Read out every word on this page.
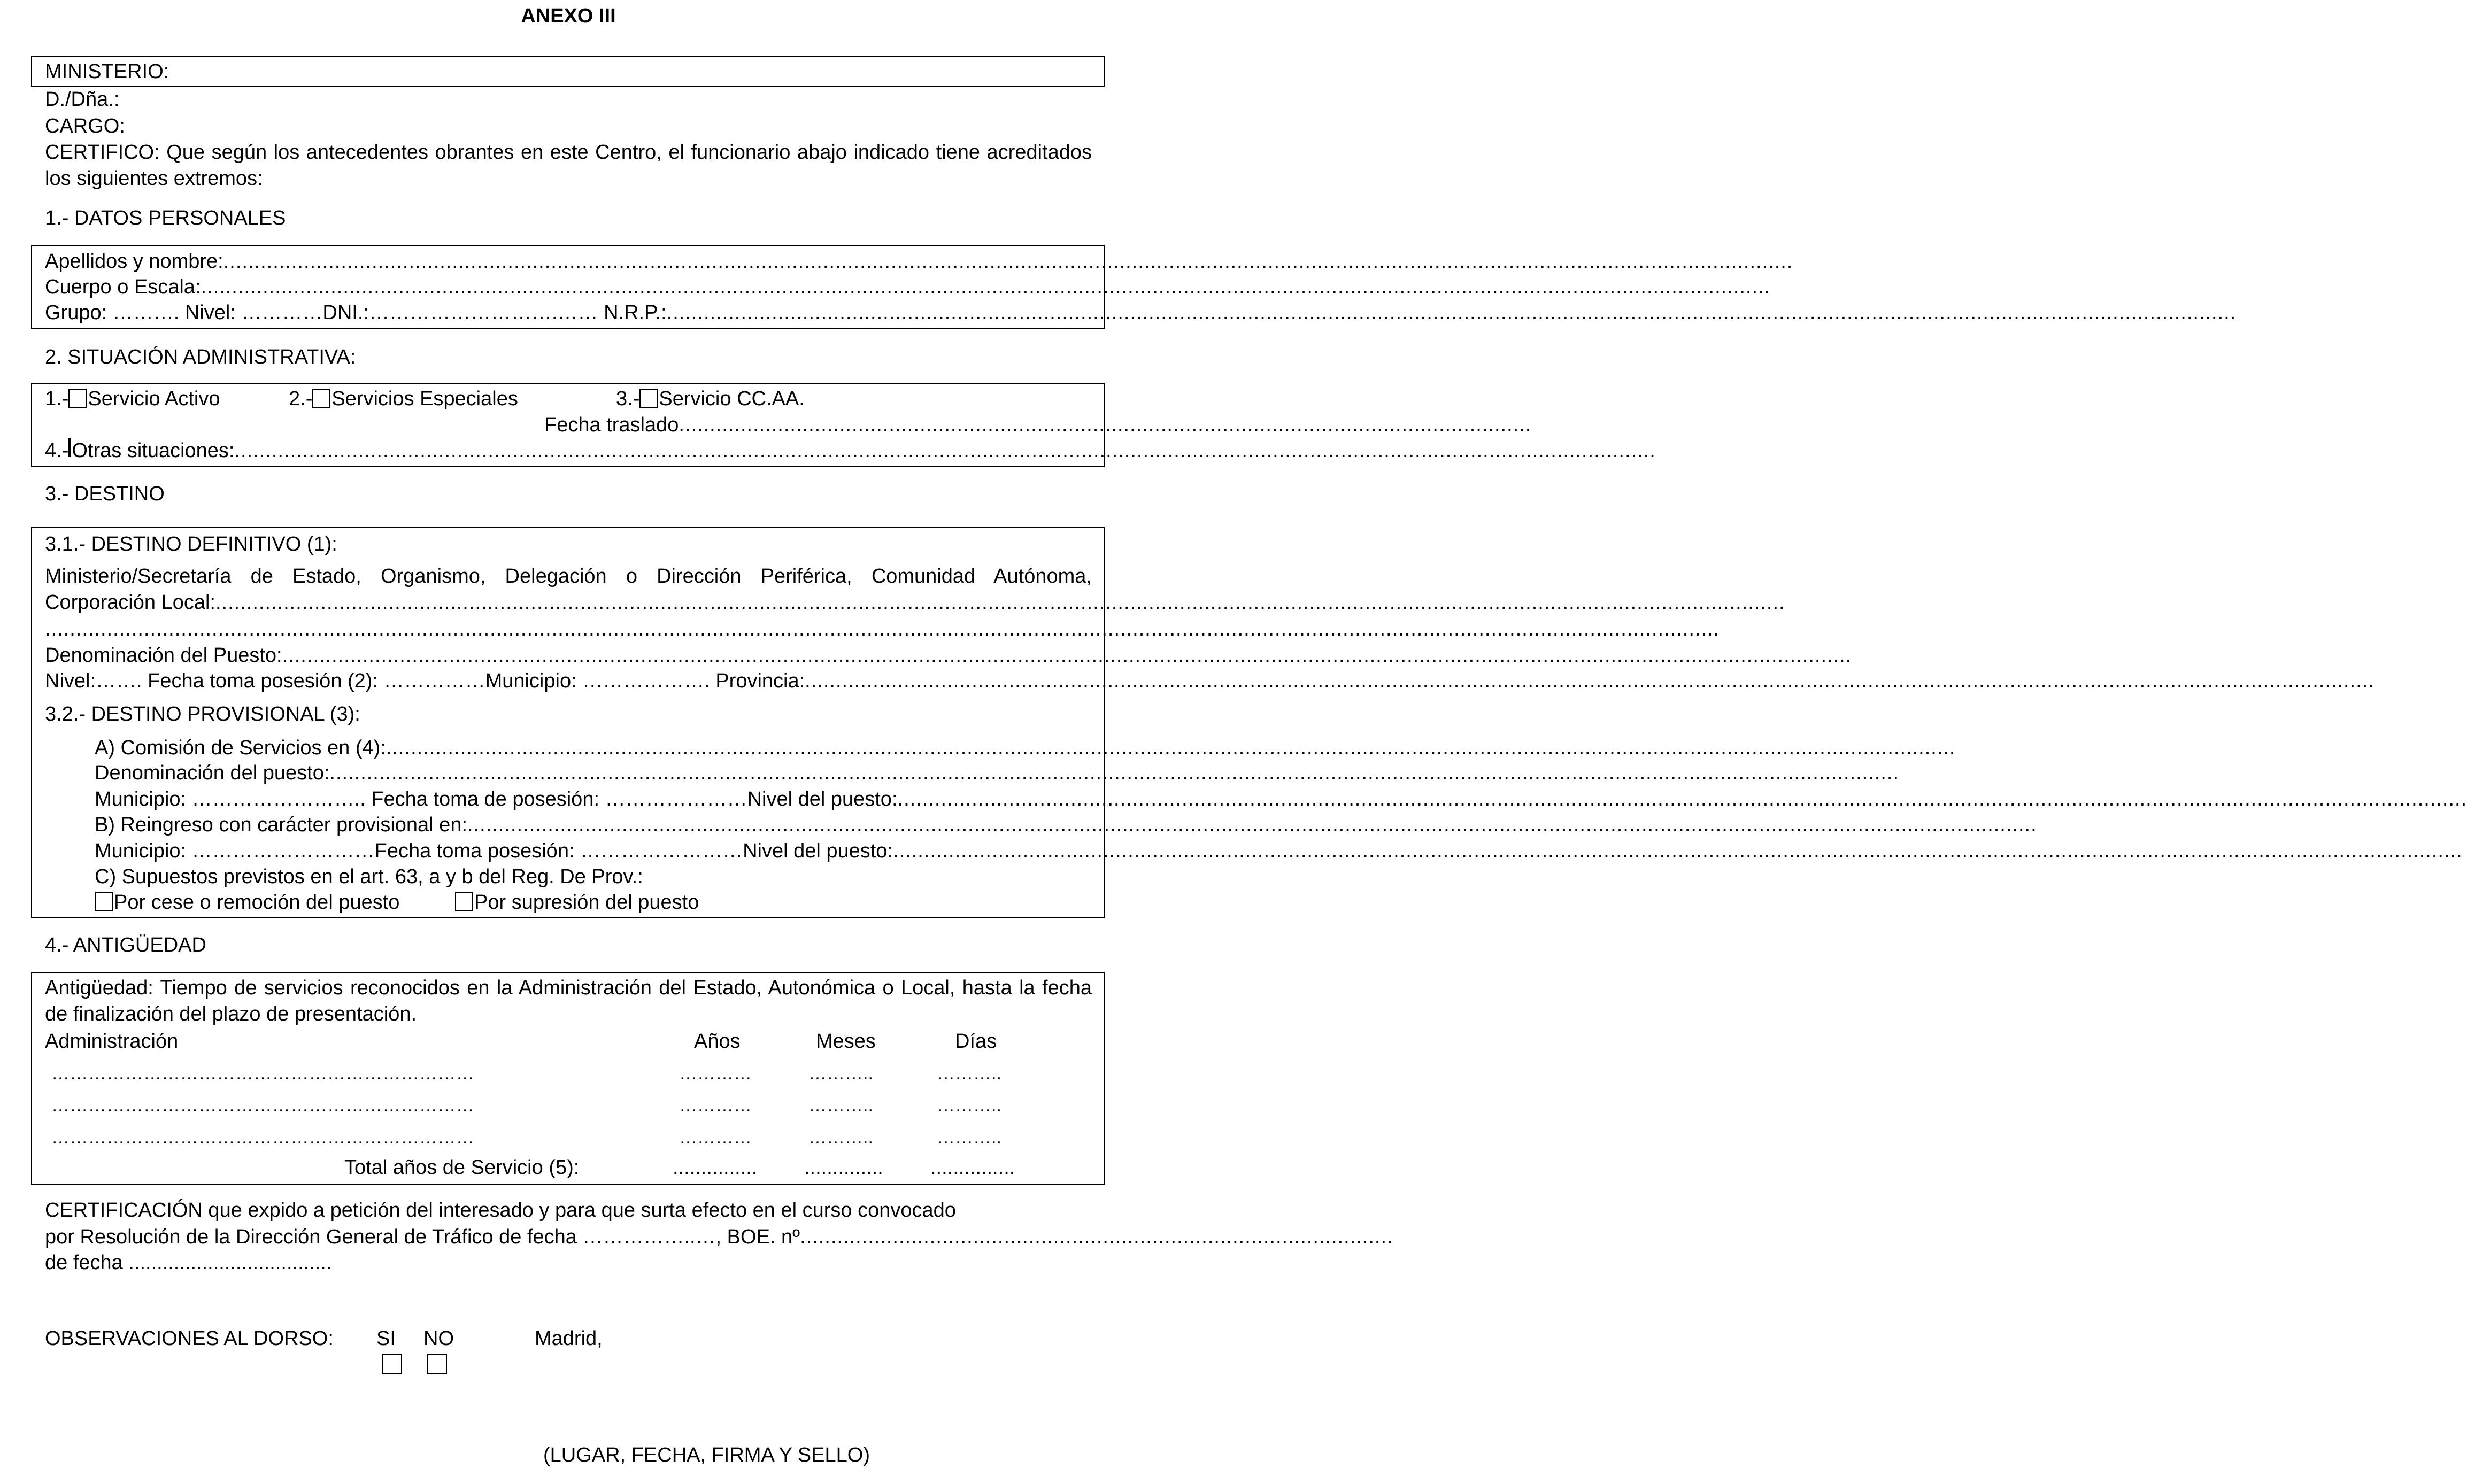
ANEXO III
MINISTERIO:
D./Dña.:
CARGO:
CERTIFICO: Que según los antecedentes obrantes en este Centro, el funcionario abajo indicado tiene acreditados los siguientes extremos:
1.- DATOS PERSONALES
Apellidos y nombre: ..............................................................................................................................................................................................................................................................
Cuerpo o Escala: ..............................................................................................................................................................................................................................................................
Grupo: ………. Nivel: …………DNI.:……………………….…… N.R.P.: ..............................................................................................................................................................................................................................................................
2. SITUACIÓN ADMINISTRATIVA:
1.- Servicio Activo	2.- Servicios Especiales	3.- Servicio CC.AA.
Fecha traslado ..........................................................................................................................................
4.- Otras situaciones: ......................................................................................................................................................................................................................................
3.- DESTINO
3.1.- DESTINO DEFINITIVO (1):
Ministerio/Secretaría de Estado, Organismo, Delegación o Dirección Periférica, Comunidad Autónoma,
Corporación Local: ..............................................................................................................................................................................................................................................................
...............................................................................................................................................................................................................................................................................
Denominación del Puesto: ..............................................................................................................................................................................................................................................................
Nivel:……. Fecha toma posesión (2): ……………Municipio: ………………. Provincia: ..............................................................................................................................................................................................................................................................
3.2.- DESTINO PROVISIONAL (3):
A) Comisión de Servicios en (4): ..............................................................................................................................................................................................................................................................
Denominación del puesto: ..............................................................................................................................................................................................................................................................
Municipio: …………………….. Fecha toma de posesión: …………………Nivel del puesto: ..............................................................................................................................................................................................................................................................
B) Reingreso con carácter provisional en: ..............................................................................................................................................................................................................................................................
Municipio: ………………………Fecha toma posesión: ……………………Nivel del puesto: ..............................................................................................................................................................................................................................................................
C) Supuestos previstos en el art. 63, a y b del Reg. De Prov.:
Por cese o remoción del puesto	Por supresión del puesto
4.- ANTIGÜEDAD
Antigüedad: Tiempo de servicios reconocidos en la Administración del Estado, Autonómica o Local, hasta la fecha de finalización del plazo de presentación.
Administración	Años	Meses	Días
……………………………………………………………	…………	………..	………..
……………………………………………………………	…………	………..	………..
……………………………………………………………	…………	………..	………..
Total años de Servicio (5):	............... .............. ...............
CERTIFICACIÓN que expido a petición del interesado y para que surta efecto en el curso convocado
por Resolución de la Dirección General de Tráfico de fecha ……………..…, BOE. nº ................................................................................................
de fecha ....................................
OBSERVACIONES AL DORSO: SI NO	Madrid,
(LUGAR, FECHA, FIRMA Y SELLO)
